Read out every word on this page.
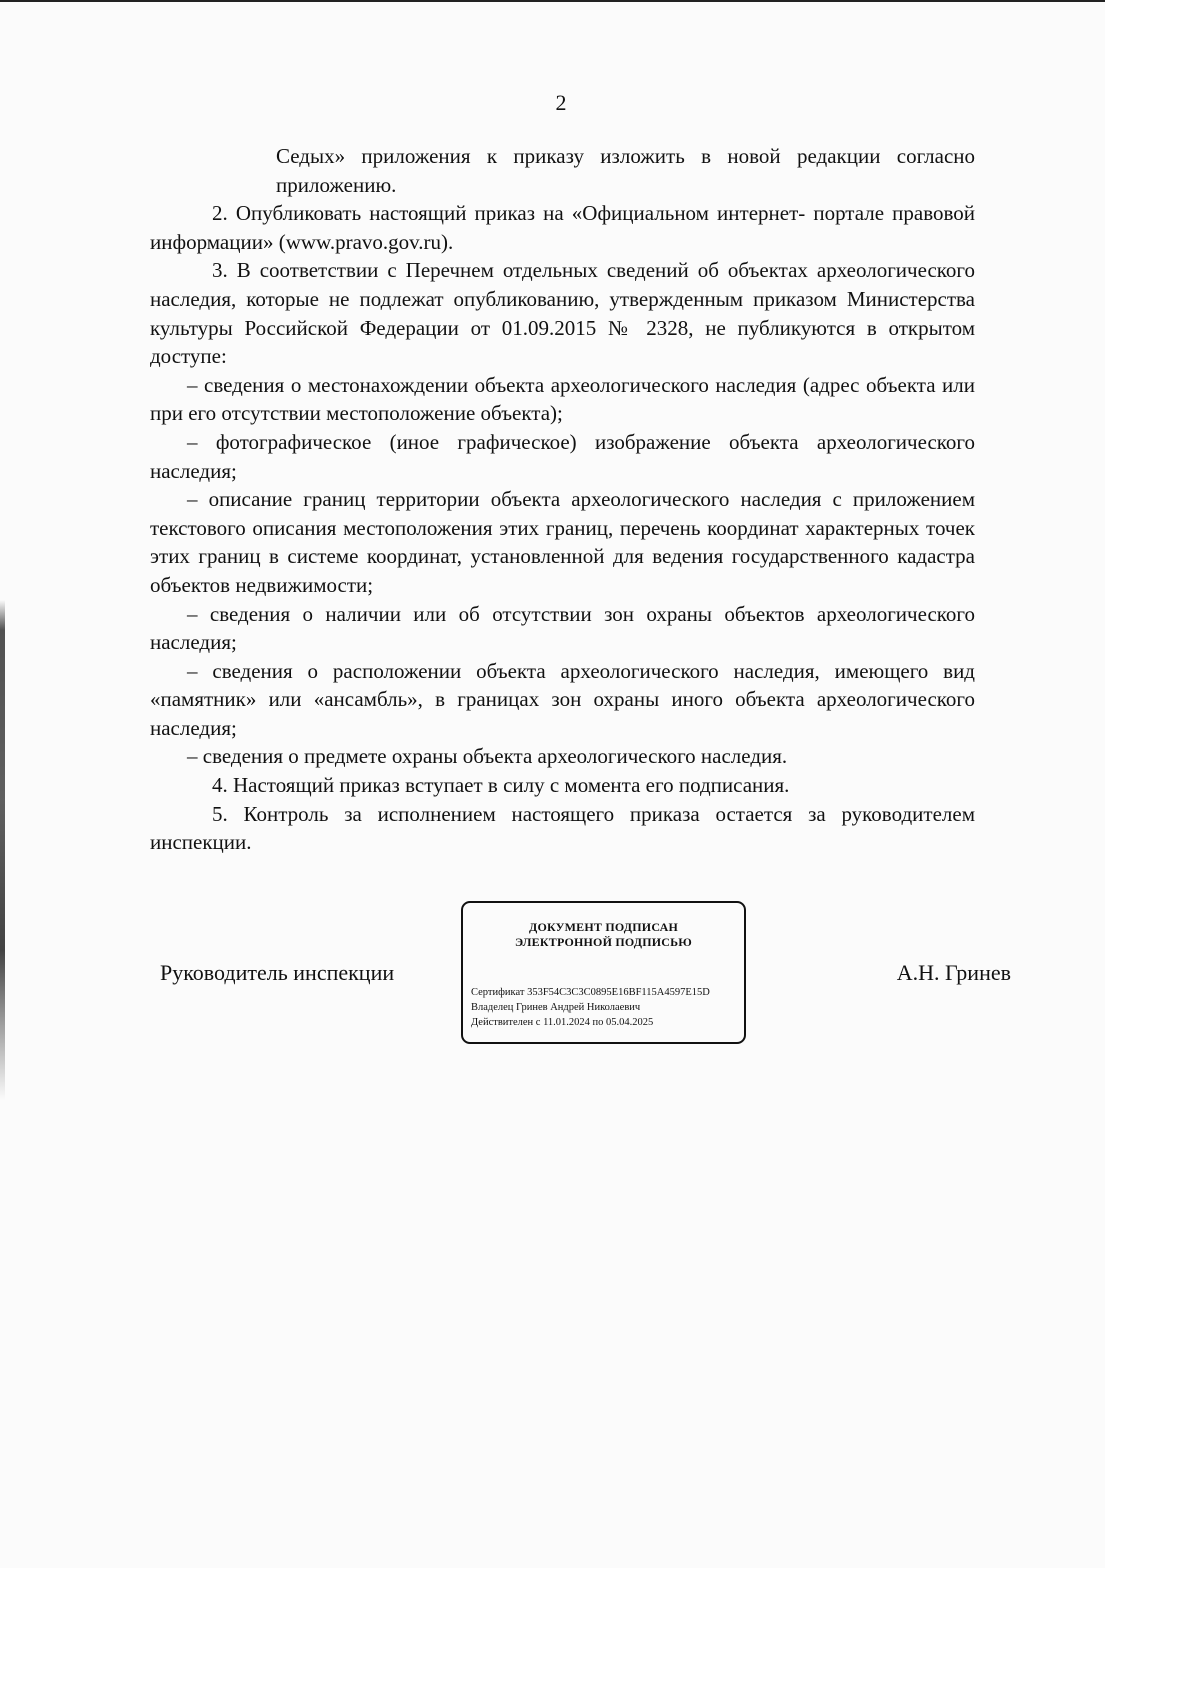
2

Седых» приложения к приказу изложить в новой редакции согласно приложению.

2. Опубликовать настоящий приказ на «Официальном интернет- портале правовой информации» (www.pravo.gov.ru).

3. В соответствии с Перечнем отдельных сведений об объектах археологического наследия, которые не подлежат опубликованию, утвержденным приказом Министерства культуры Российской Федерации от 01.09.2015 № 2328, не публикуются в открытом доступе:

– сведения о местонахождении объекта археологического наследия (адрес объекта или при его отсутствии местоположение объекта);

– фотографическое (иное графическое) изображение объекта археологического наследия;

– описание границ территории объекта археологического наследия с приложением текстового описания местоположения этих границ, перечень координат характерных точек этих границ в системе координат, установленной для ведения государственного кадастра объектов недвижимости;

– сведения о наличии или об отсутствии зон охраны объектов археологического наследия;

– сведения о расположении объекта археологического наследия, имеющего вид «памятник» или «ансамбль», в границах зон охраны иного объекта археологического наследия;

– сведения о предмете охраны объекта археологического наследия.

4. Настоящий приказ вступает в силу с момента его подписания.

5. Контроль за исполнением настоящего приказа остается за руководителем инспекции.

Руководитель инспекции
ДОКУМЕНТ ПОДПИСАН
ЭЛЕКТРОННОЙ ПОДПИСЬЮ
Сертификат 353F54C3C3C0895E16BF115A4597E15D
Владелец Гринев Андрей Николаевич
Действителен с 11.01.2024 по 05.04.2025
А.Н. Гринев
